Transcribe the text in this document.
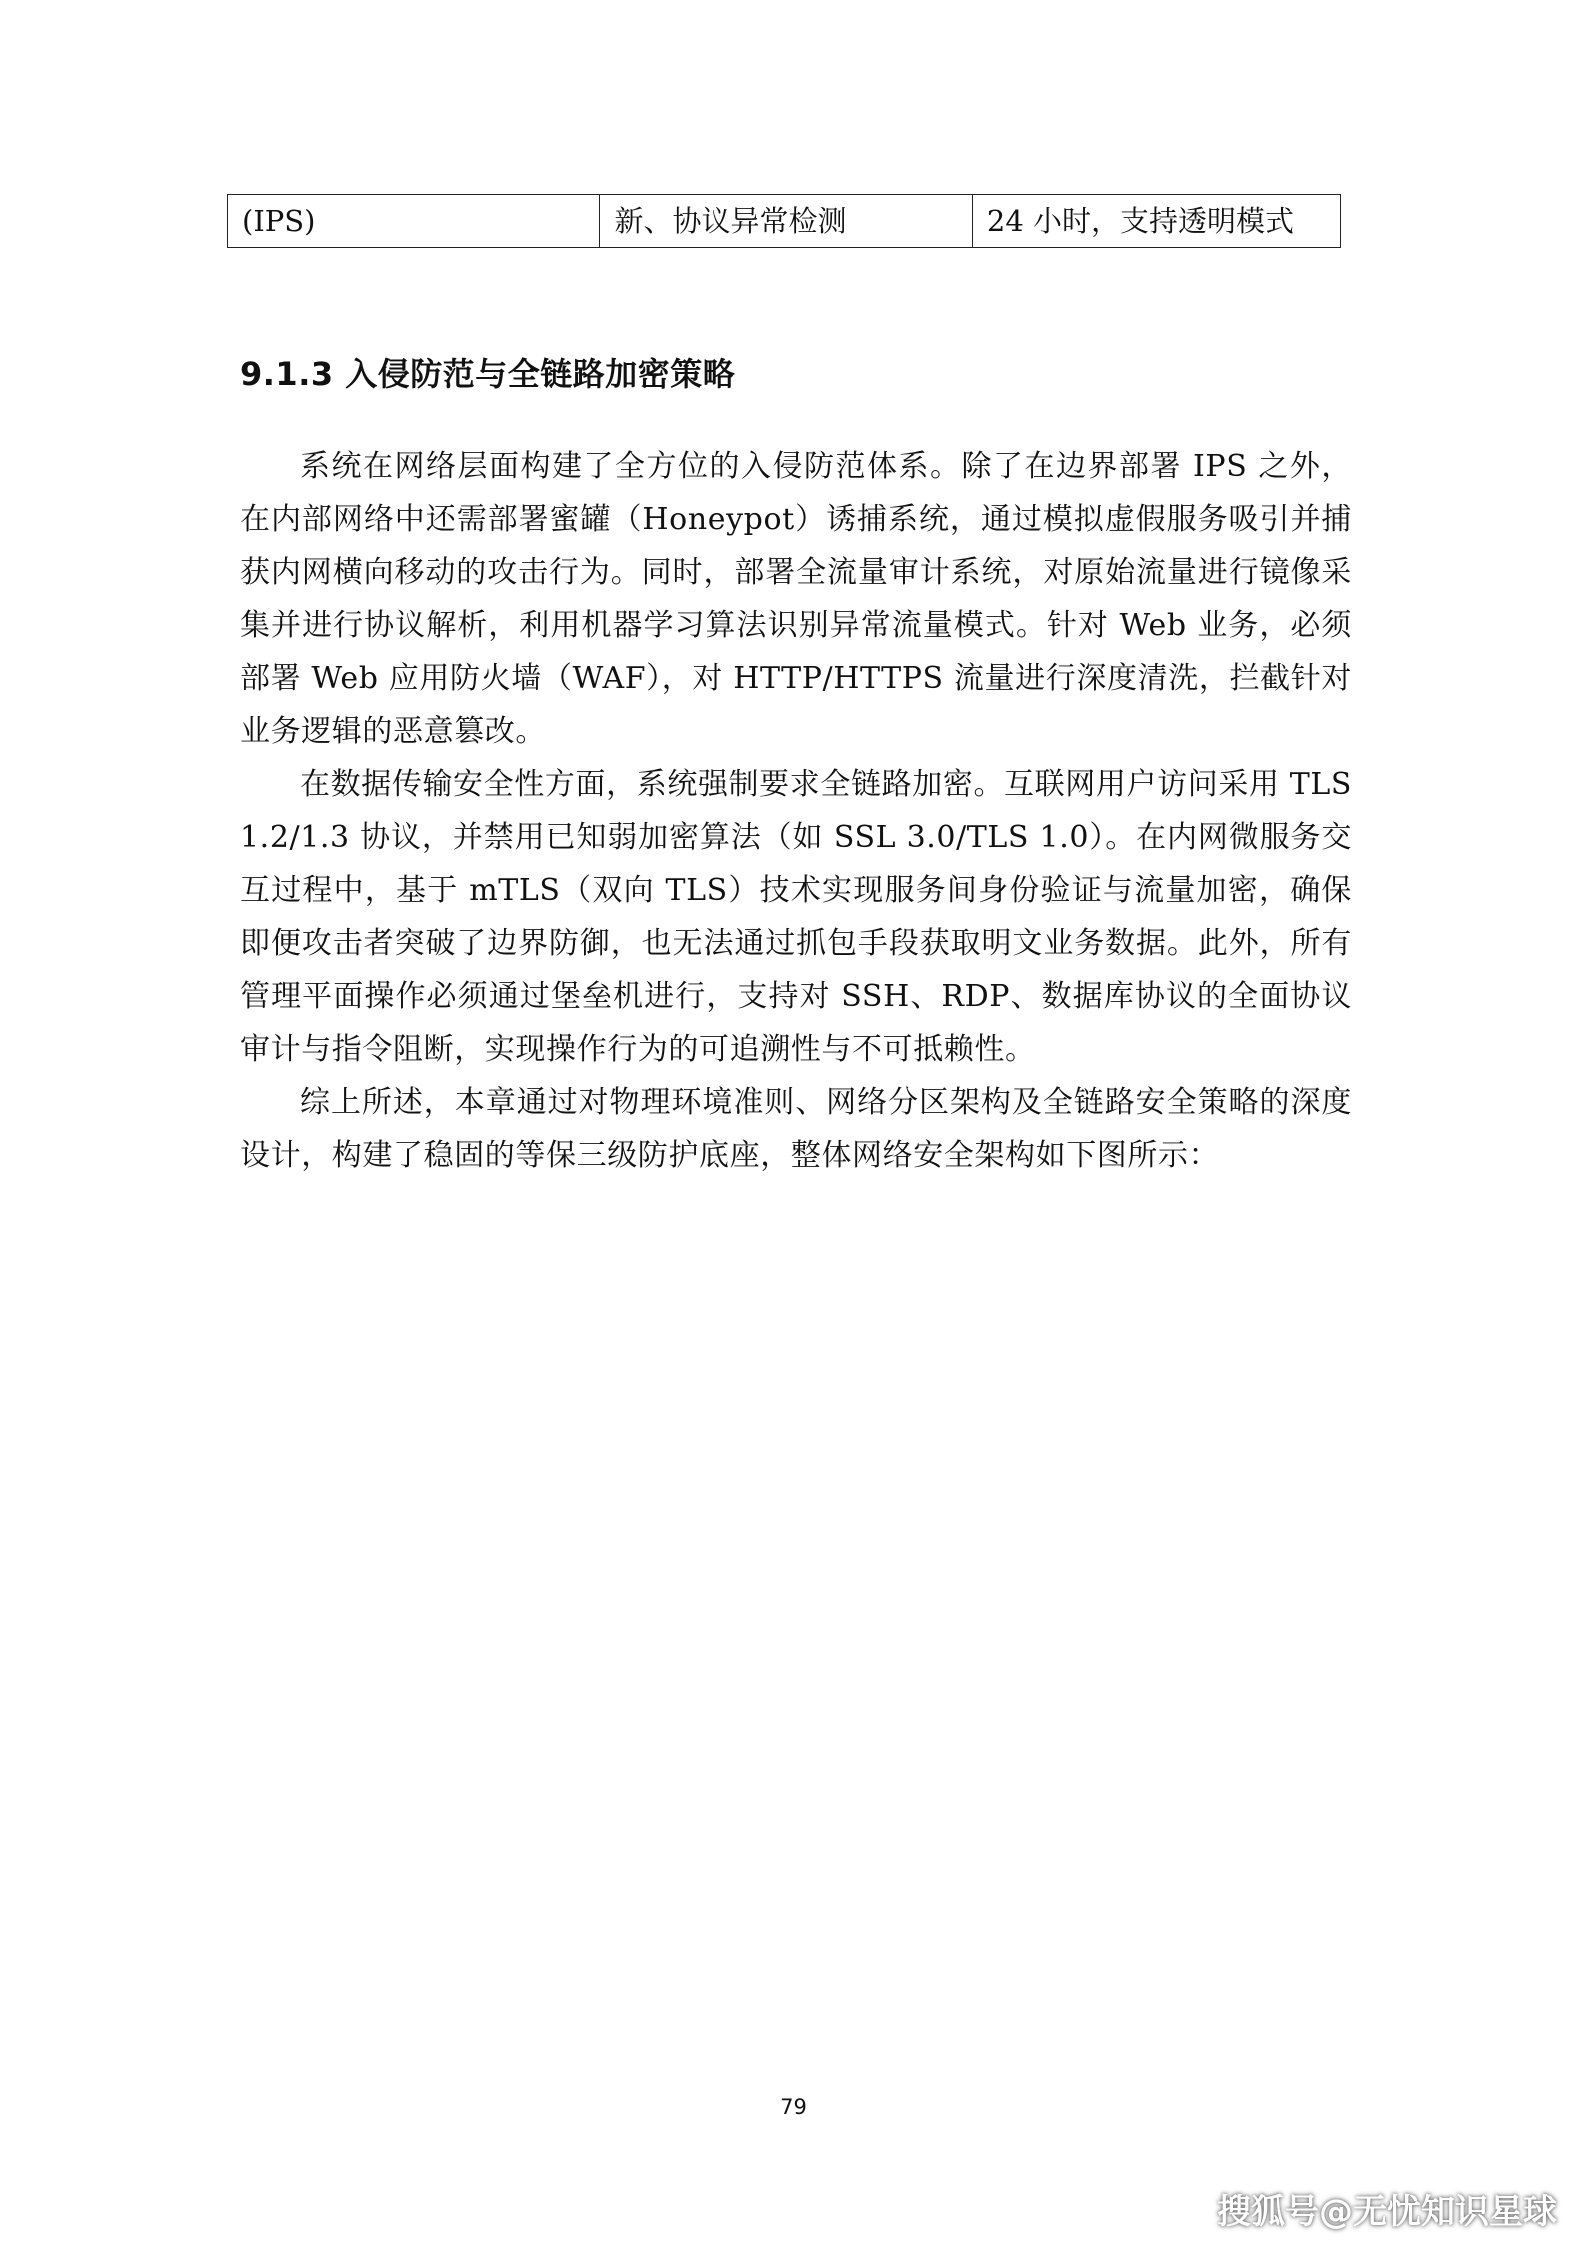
(IPS)	新、协议异常检测	24 小时，支持透明模式
9.1.3 入侵防范与全链路加密策略

系统在网络层面构建了全方位的入侵防范体系。除了在边界部署 IPS 之外，在内部网络中还需部署蜜罐（Honeypot）诱捕系统，通过模拟虚假服务吸引并捕获内网横向移动的攻击行为。同时，部署全流量审计系统，对原始流量进行镜像采集并进行协议解析，利用机器学习算法识别异常流量模式。针对 Web 业务，必须部署 Web 应用防火墙（WAF），对 HTTP/HTTPS 流量进行深度清洗，拦截针对业务逻辑的恶意篡改。

在数据传输安全性方面，系统强制要求全链路加密。互联网用户访问采用 TLS 1.2/1.3 协议，并禁用已知弱加密算法（如 SSL 3.0/TLS 1.0）。在内网微服务交互过程中，基于 mTLS（双向 TLS）技术实现服务间身份验证与流量加密，确保即便攻击者突破了边界防御，也无法通过抓包手段获取明文业务数据。此外，所有管理平面操作必须通过堡垒机进行，支持对 SSH、RDP、数据库协议的全面协议审计与指令阻断，实现操作行为的可追溯性与不可抵赖性。

综上所述，本章通过对物理环境准则、网络分区架构及全链路安全策略的深度设计，构建了稳固的等保三级防护底座，整体网络安全架构如下图所示：

79
搜狐号@无忧知识星球
